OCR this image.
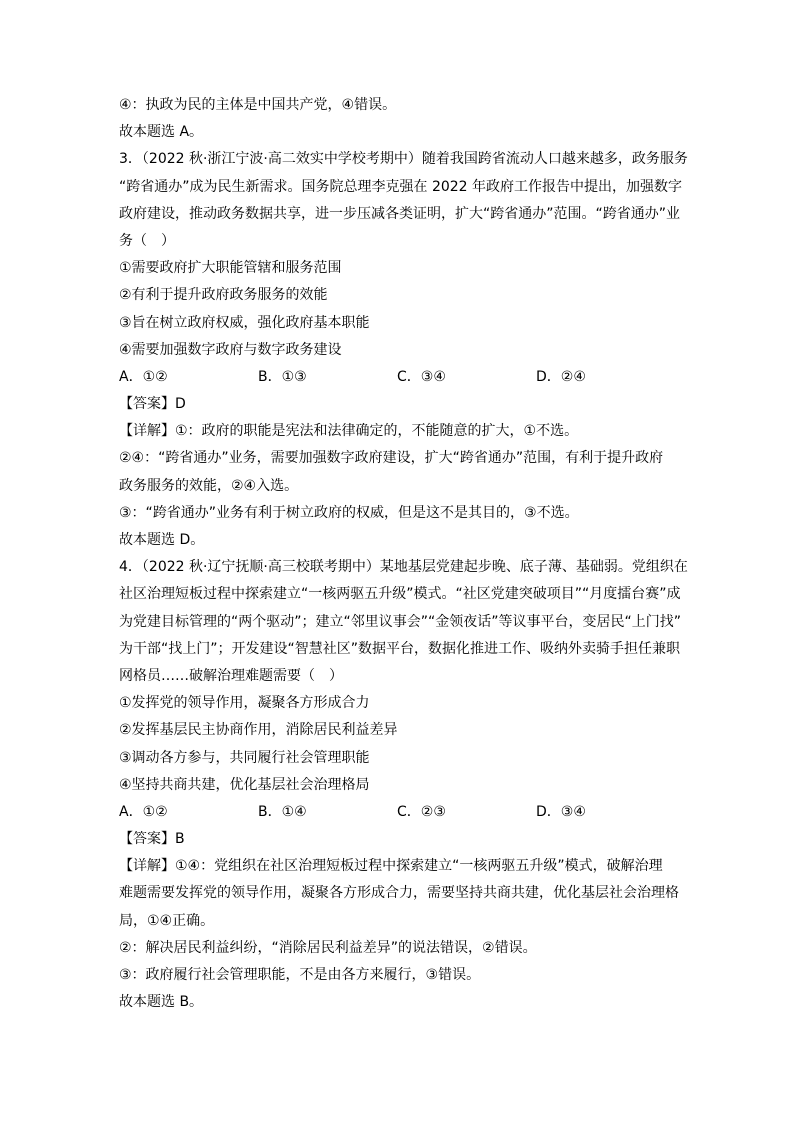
④：执政为民的主体是中国共产党，④错误。
故本题选 A。
3．（2022 秋·浙江宁波·高二效实中学校考期中）随着我国跨省流动人口越来越多，政务服务
“跨省通办”成为民生新需求。国务院总理李克强在 2022 年政府工作报告中提出，加强数字
政府建设，推动政务数据共享，进一步压减各类证明，扩大“跨省通办”范围。“跨省通办”业
务（　）
①需要政府扩大职能管辖和服务范围
②有利于提升政府政务服务的效能
③旨在树立政府权威，强化政府基本职能
④需要加强数字政府与数字政务建设
A．①②	B．①③	C．③④	D．②④
【答案】D
【详解】①：政府的职能是宪法和法律确定的，不能随意的扩大，①不选。
②④：“跨省通办”业务，需要加强数字政府建设，扩大“跨省通办”范围，有利于提升政府
政务服务的效能，②④入选。
③：“跨省通办”业务有利于树立政府的权威，但是这不是其目的，③不选。
故本题选 D。
4．（2022 秋·辽宁抚顺·高三校联考期中）某地基层党建起步晚、底子薄、基础弱。党组织在
社区治理短板过程中探索建立“一核两驱五升级”模式。“社区党建突破项目”“月度擂台赛”成
为党建目标管理的“两个驱动”；建立“邻里议事会”“金领夜话”等议事平台，变居民“上门找”
为干部“找上门”；开发建设“智慧社区”数据平台，数据化推进工作、吸纳外卖骑手担任兼职
网格员……破解治理难题需要（　）
①发挥党的领导作用，凝聚各方形成合力
②发挥基层民主协商作用，消除居民利益差异
③调动各方参与，共同履行社会管理职能
④坚持共商共建，优化基层社会治理格局
A．①②	B．①④	C．②③	D．③④
【答案】B
【详解】①④：党组织在社区治理短板过程中探索建立“一核两驱五升级”模式，破解治理
难题需要发挥党的领导作用，凝聚各方形成合力，需要坚持共商共建，优化基层社会治理格
局，①④正确。
②：解决居民利益纠纷，“消除居民利益差异”的说法错误，②错误。
③：政府履行社会管理职能，不是由各方来履行，③错误。
故本题选 B。
